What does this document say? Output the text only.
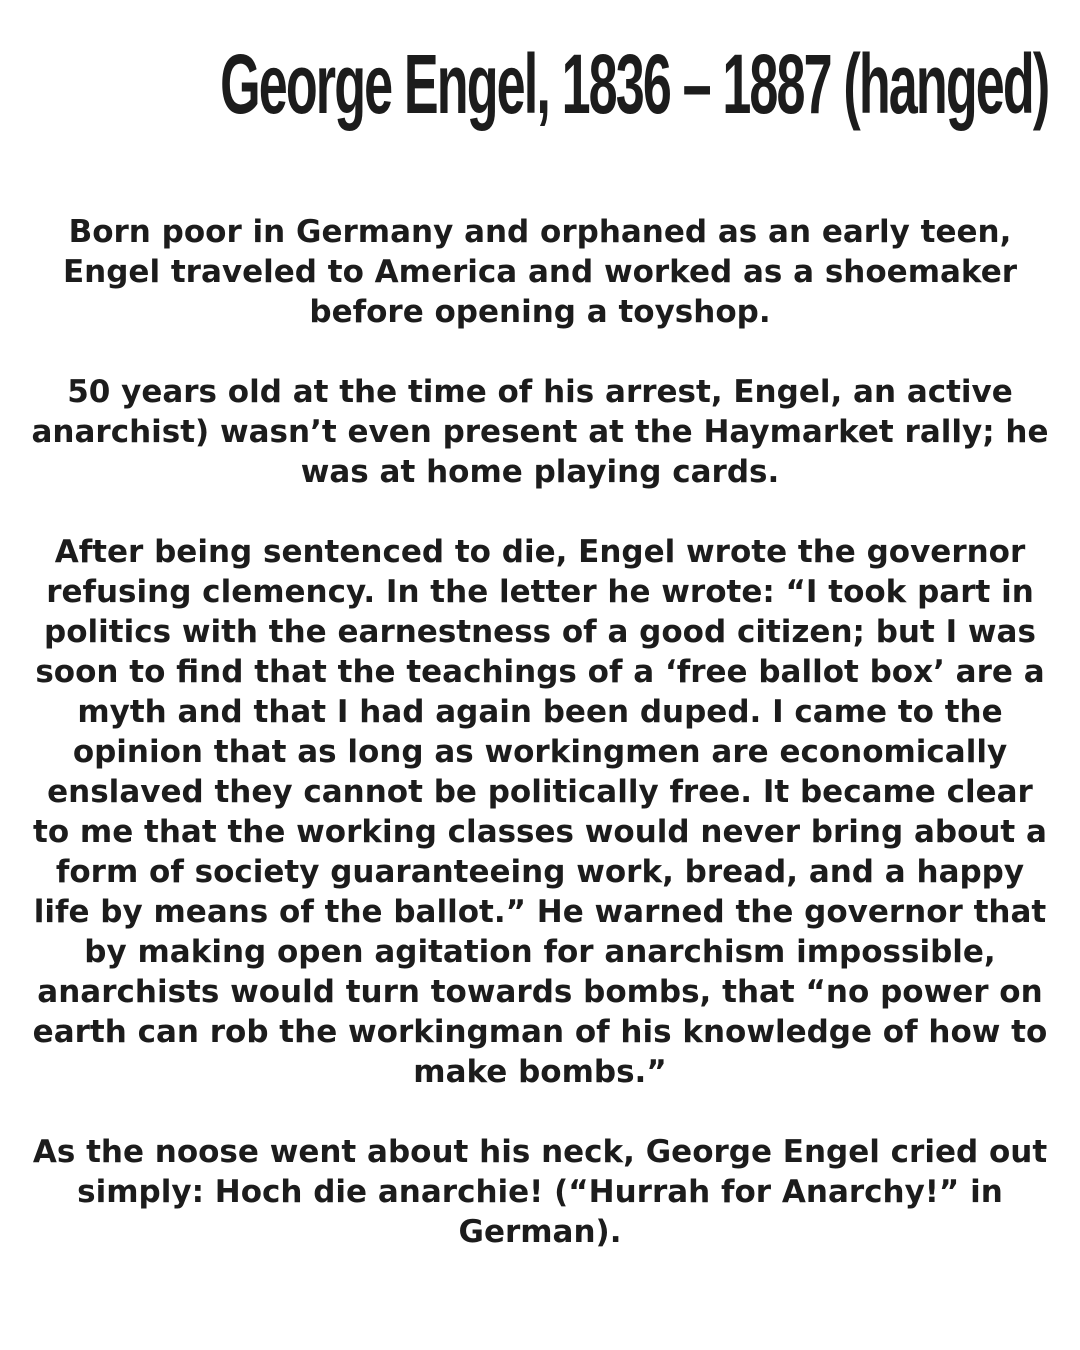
George Engel, 1836 – 1887 (hanged)

Born poor in Germany and orphaned as an early teen, Engel traveled to America and worked as a shoemaker before opening a toyshop.

50 years old at the time of his arrest, Engel, an active anarchist) wasn’t even present at the Haymarket rally; he was at home playing cards.

After being sentenced to die, Engel wrote the governor refusing clemency. In the letter he wrote: “I took part in politics with the earnestness of a good citizen; but I was soon to find that the teachings of a ‘free ballot box’ are a myth and that I had again been duped. I came to the opinion that as long as workingmen are economically enslaved they cannot be politically free. It became clear to me that the working classes would never bring about a form of society guaranteeing work, bread, and a happy life by means of the ballot.” He warned the governor that by making open agitation for anarchism impossible, anarchists would turn towards bombs, that “no power on earth can rob the workingman of his knowledge of how to make bombs.”

As the noose went about his neck, George Engel cried out simply: Hoch die anarchie! (“Hurrah for Anarchy!” in German).
